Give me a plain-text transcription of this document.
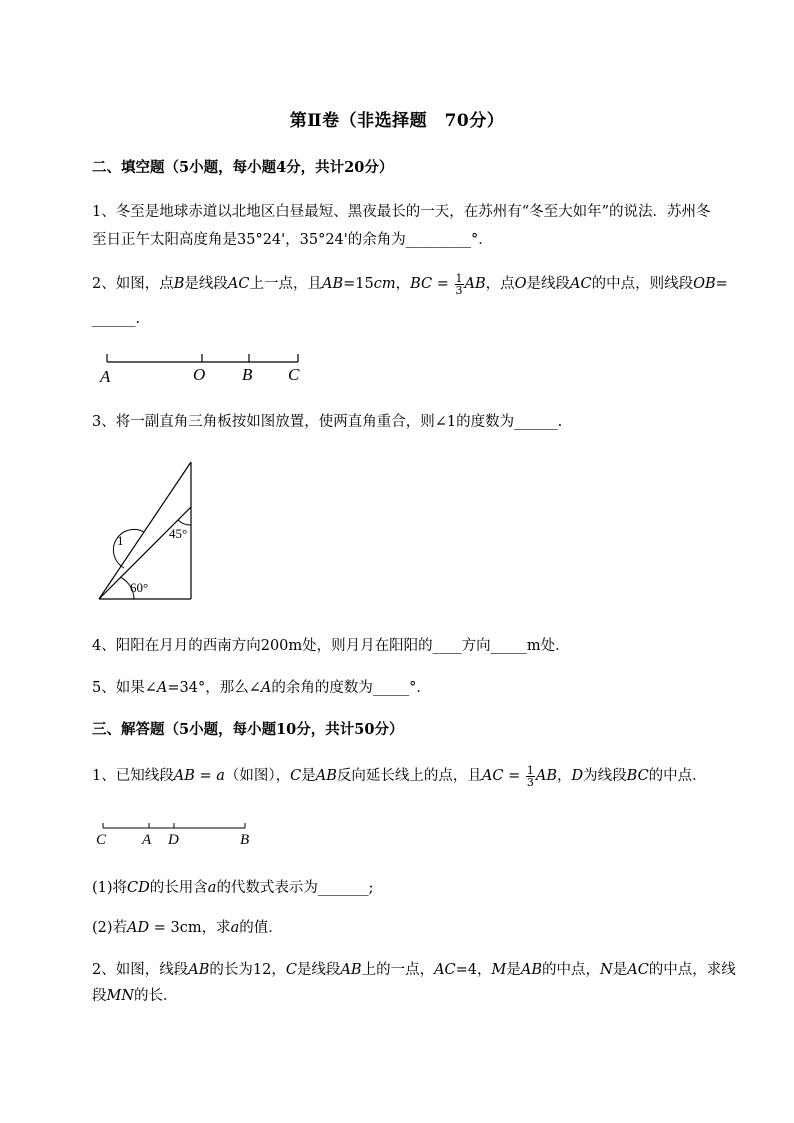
第Ⅱ卷（非选择题　70分）
二、填空题（5小题，每小题4分，共计20分）
1、冬至是地球赤道以北地区白昼最短、黑夜最长的一天，在苏州有“冬至大如年”的说法．苏州冬
至日正午太阳高度角是35°24'，35°24'的余角为_________°．
2、如图，点B是线段AC上一点，且AB=15cm，BC = $\frac{1}{3}$ AB，点O是线段AC的中点，则线段OB=
______.
A	O B C
3、将一副直角三角板按如图放置，使两直角重合，则∠1的度数为______.
1	45°
60°
4、阳阳在月月的西南方向200m处，则月月在阳阳的____方向_____m处．
5、如果∠A=34°，那么∠A的余角的度数为_____°．
三、解答题（5小题，每小题10分，共计50分）
1、已知线段AB = a（如图），C是AB反向延长线上的点，且AC = $\frac{1}{3}$ AB，D为线段BC的中点．
C A D	B
(1)将CD的长用含a的代数式表示为_______;
(2)若AD = 3cm，求a的值．
2、如图，线段AB的长为12，C是线段AB上的一点，AC=4，M是AB的中点，N是AC的中点，求线
段MN的长．
